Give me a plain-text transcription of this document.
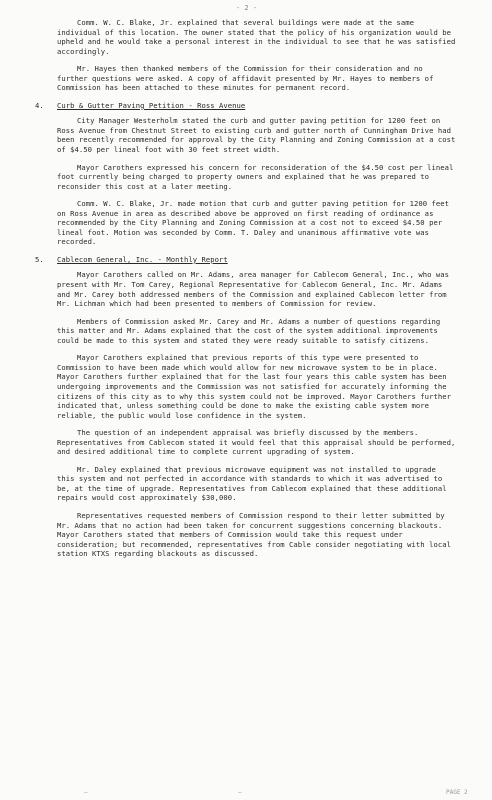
- 2 -

Comm. W. C. Blake, Jr. explained that several buildings were made at the same individual of this location. The owner stated that the policy of his organization would be upheld and he would take a personal interest in the individual to see that he was satisfied accordingly.

Mr. Hayes then thanked members of the Commission for their consideration and no further questions were asked. A copy of affidavit presented by Mr. Hayes to members of Commission has been attached to these minutes for permanent record.

4.	Curb & Gutter Paving Petition - Ross Avenue

City Manager Westerholm stated the curb and gutter paving petition for 1200 feet on Ross Avenue from Chestnut Street to existing curb and gutter north of Cunningham Drive had been recently recommended for approval by the City Planning and Zoning Commission at a cost of $4.50 per lineal foot with 30 feet street width.

Mayor Carothers expressed his concern for reconsideration of the $4.50 cost per lineal foot currently being charged to property owners and explained that he was prepared to reconsider this cost at a later meeting.

Comm. W. C. Blake, Jr. made motion that curb and gutter paving petition for 1200 feet on Ross Avenue in area as described above be approved on first reading of ordinance as recommended by the City Planning and Zoning Commission at a cost not to exceed $4.50 per lineal foot. Motion was seconded by Comm. T. Daley and unanimous affirmative vote was recorded.

5.	Cablecom General, Inc. - Monthly Report

Mayor Carothers called on Mr. Adams, area manager for Cablecom General, Inc., who was present with Mr. Tom Carey, Regional Representative for Cablecom General, Inc. Mr. Adams and Mr. Carey both addressed members of the Commission and explained Cablecom letter from Mr. Lichman which had been presented to members of Commission for review.

Members of Commission asked Mr. Carey and Mr. Adams a number of questions regarding this matter and Mr. Adams explained that the cost of the system additional improvements could be made to this system and stated they were ready suitable to satisfy citizens.

Mayor Carothers explained that previous reports of this type were presented to Commission to have been made which would allow for new microwave system to be in place. Mayor Carothers further explained that for the last four years this cable system has been undergoing improvements and the Commission was not satisfied for accurately informing the citizens of this city as to why this system could not be improved. Mayor Carothers further indicated that, unless something could be done to make the existing cable system more reliable, the public would lose confidence in the system.

The question of an independent appraisal was briefly discussed by the members. Representatives from Cablecom stated it would feel that this appraisal should be performed, and desired additional time to complete current upgrading of system.

Mr. Daley explained that previous microwave equipment was not installed to upgrade this system and not perfected in accordance with standards to which it was advertised to be, at the time of upgrade. Representatives from Cablecom explained that these additional repairs would cost approximately $30,000.

Representatives requested members of Commission respond to their letter submitted by Mr. Adams that no action had been taken for concurrent suggestions concerning blackouts. Mayor Carothers stated that members of Commission would take this request under consideration; but recommended, representatives from Cable consider negotiating with local station KTXS regarding blackouts as discussed.

—	—	PAGE 2
